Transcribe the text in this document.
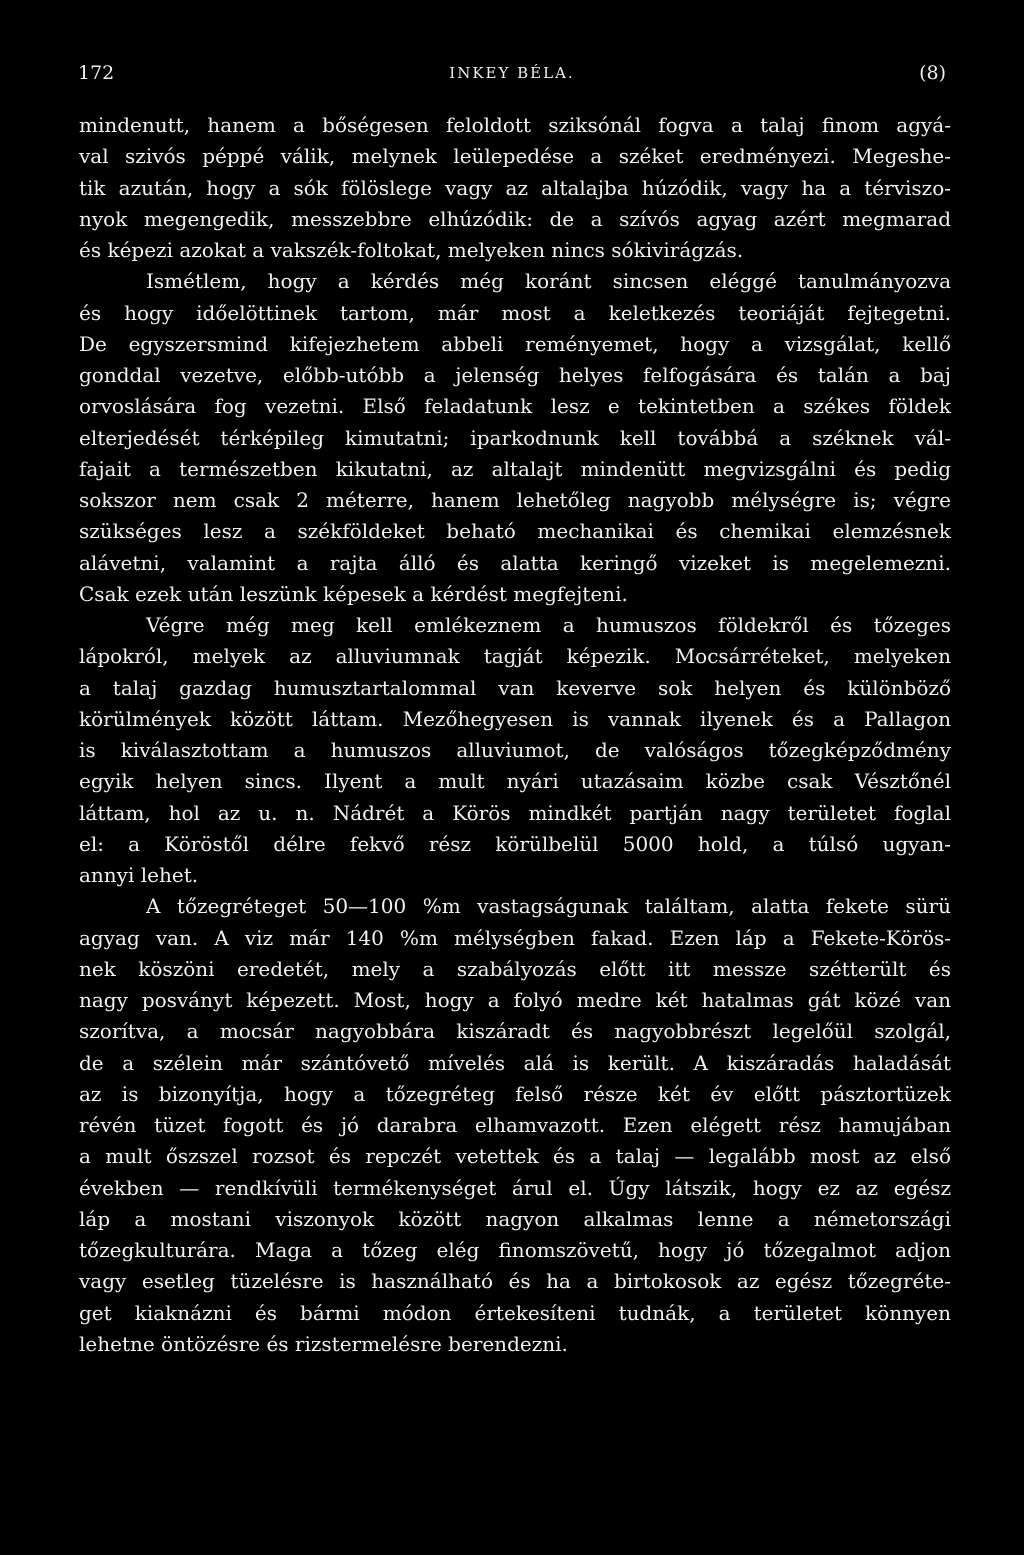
172	INKEY BÉLA.	(8)
mindenutt, hanem a bőségesen feloldott sziksónál fogva a talaj finom agyá-
val szivós péppé válik, melynek leülepedése a széket eredményezi. Megeshe-
tik azután, hogy a sók fölöslege vagy az altalajba húzódik, vagy ha a térviszo-
nyok megengedik, messzebbre elhúzódik: de a szívós agyag azért megmarad
és képezi azokat a vakszék-foltokat, melyeken nincs sókivirágzás.
Ismétlem, hogy a kérdés még koránt sincsen eléggé tanulmányozva
és hogy időelöttinek tartom, már most a keletkezés teoriáját fejtegetni.
De egyszersmind kifejezhetem abbeli reményemet, hogy a vizsgálat, kellő
gonddal vezetve, előbb-utóbb a jelenség helyes felfogására és talán a baj
orvoslására fog vezetni. Első feladatunk lesz e tekintetben a székes földek
elterjedését térképileg kimutatni; iparkodnunk kell továbbá a széknek vál-
fajait a természetben kikutatni, az altalajt mindenütt megvizsgálni és pedig
sokszor nem csak 2 méterre, hanem lehetőleg nagyobb mélységre is; végre
szükséges lesz a székföldeket beható mechanikai és chemikai elemzésnek
alávetni, valamint a rajta álló és alatta keringő vizeket is megelemezni.
Csak ezek után leszünk képesek a kérdést megfejteni.
Végre még meg kell emlékeznem a humuszos földekről és tőzeges
lápokról, melyek az alluviumnak tagját képezik. Mocsárréteket, melyeken
a talaj gazdag humusztartalommal van keverve sok helyen és különböző
körülmények között láttam. Mezőhegyesen is vannak ilyenek és a Pallagon
is kiválasztottam a humuszos alluviumot, de valóságos tőzegképződmény
egyik helyen sincs. Ilyent a mult nyári utazásaim közbe csak Vésztőnél
láttam, hol az u. n. Nádrét a Körös mindkét partján nagy területet foglal
el: a Köröstől délre fekvő rész körülbelül 5000 hold, a túlsó ugyan-
annyi lehet.
A tőzegréteget 50—100 %m vastagságunak találtam, alatta fekete sürü
agyag van. A viz már 140 %m mélységben fakad. Ezen láp a Fekete-Körös-
nek köszöni eredetét, mely a szabályozás előtt itt messze szétterült és
nagy posványt képezett. Most, hogy a folyó medre két hatalmas gát közé van
szorítva, a mocsár nagyobbára kiszáradt és nagyobbrészt legelőül szolgál,
de a szélein már szántóvető mívelés alá is került. A kiszáradás haladását
az is bizonyítja, hogy a tőzegréteg felső része két év előtt pásztortüzek
révén tüzet fogott és jó darabra elhamvazott. Ezen elégett rész hamujában
a mult őszszel rozsot és repczét vetettek és a talaj — legalább most az első
években — rendkívüli termékenységet árul el. Úgy látszik, hogy ez az egész
láp a mostani viszonyok között nagyon alkalmas lenne a németországi
tőzegkulturára. Maga a tőzeg elég finomszövetű, hogy jó tőzegalmot adjon
vagy esetleg tüzelésre is használható és ha a birtokosok az egész tőzegréte-
get kiaknázni és bármi módon értekesíteni tudnák, a területet könnyen
lehetne öntözésre és rizstermelésre berendezni.
